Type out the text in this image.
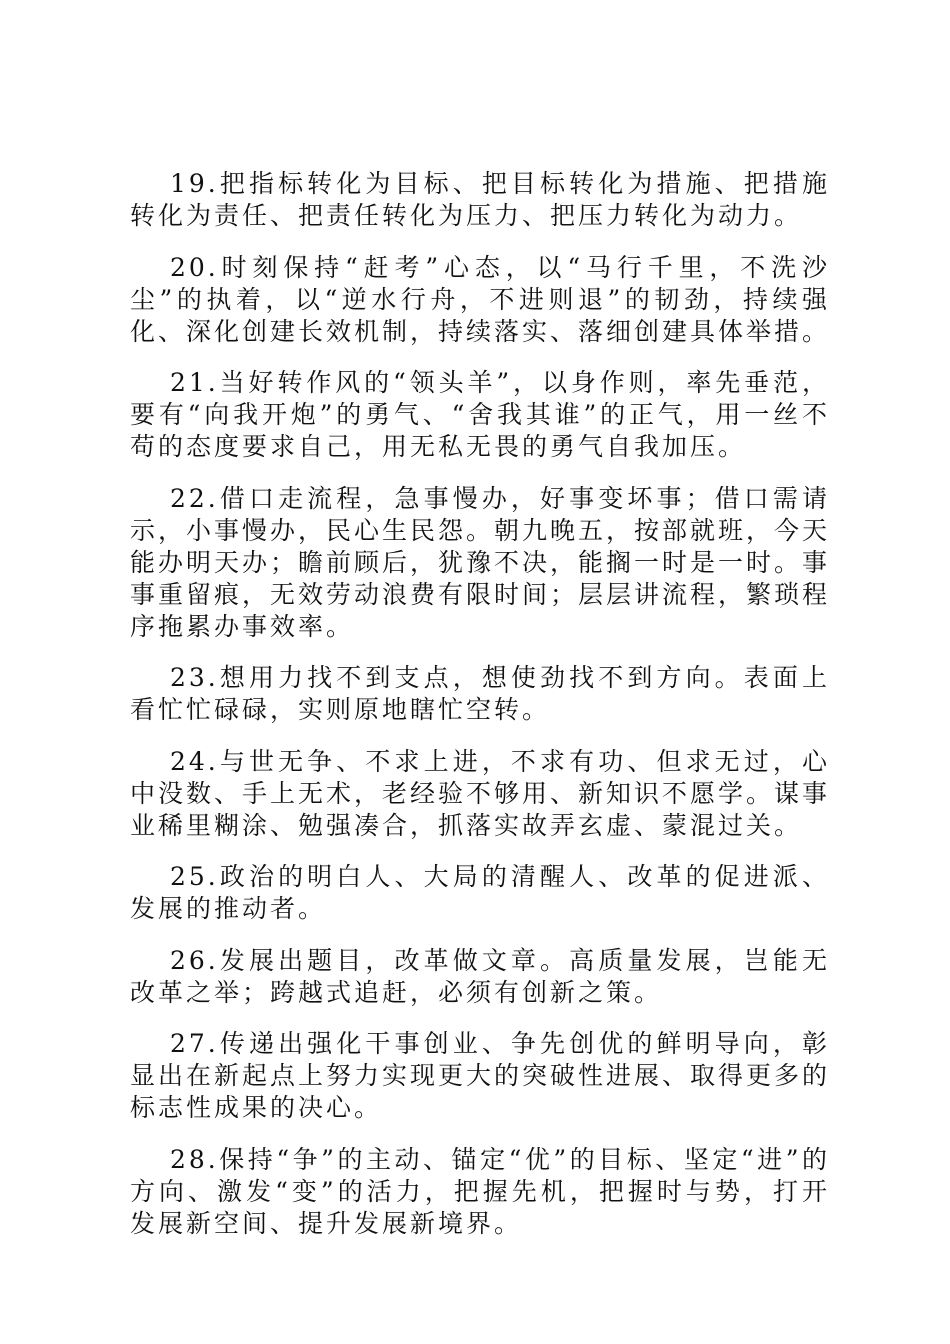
19.把指标转化为目标、把目标转化为措施、把措施转化为责任、把责任转化为压力、把压力转化为动力。

20.时刻保持“赶考”心态，以“马行千里，不洗沙尘”的执着，以“逆水行舟，不进则退”的韧劲，持续强化、深化创建长效机制，持续落实、落细创建具体举措。

21.当好转作风的“领头羊”，以身作则，率先垂范，要有“向我开炮”的勇气、“舍我其谁”的正气，用一丝不苟的态度要求自己，用无私无畏的勇气自我加压。

22.借口走流程，急事慢办，好事变坏事；借口需请示，小事慢办，民心生民怨。朝九晚五，按部就班，今天能办明天办；瞻前顾后，犹豫不决，能搁一时是一时。事事重留痕，无效劳动浪费有限时间；层层讲流程，繁琐程序拖累办事效率。

23.想用力找不到支点，想使劲找不到方向。表面上看忙忙碌碌，实则原地瞎忙空转。

24.与世无争、不求上进，不求有功、但求无过，心中没数、手上无术，老经验不够用、新知识不愿学。谋事业稀里糊涂、勉强凑合，抓落实故弄玄虚、蒙混过关。

25.政治的明白人、大局的清醒人、改革的促进派、发展的推动者。

26.发展出题目，改革做文章。高质量发展，岂能无改革之举；跨越式追赶，必须有创新之策。

27.传递出强化干事创业、争先创优的鲜明导向，彰显出在新起点上努力实现更大的突破性进展、取得更多的标志性成果的决心。

28.保持“争”的主动、锚定“优”的目标、坚定“进”的方向、激发“变”的活力，把握先机，把握时与势，打开发展新空间、提升发展新境界。
